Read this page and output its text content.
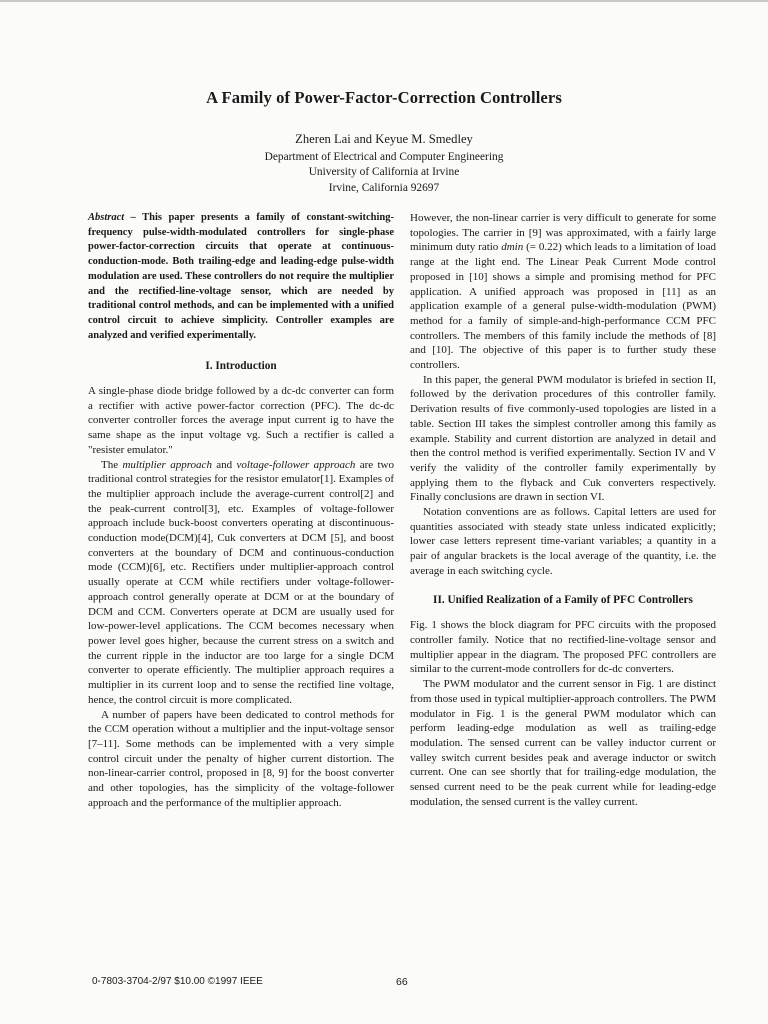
A Family of Power-Factor-Correction Controllers
Zheren Lai and Keyue M. Smedley
Department of Electrical and Computer Engineering
University of California at Irvine
Irvine, California 92697

Abstract – This paper presents a family of constant-switching-frequency pulse-width-modulated controllers for single-phase power-factor-correction circuits that operate at continuous-conduction-mode. Both trailing-edge and leading-edge pulse-width modulation are used. These controllers do not require the multiplier and the rectified-line-voltage sensor, which are needed by traditional control methods, and can be implemented with a unified control circuit to achieve simplicity. Controller examples are analyzed and verified experimentally.

I. Introduction

A single-phase diode bridge followed by a dc-dc converter can form a rectifier with active power-factor correction (PFC). The dc-dc converter controller forces the average input current ig to have the same shape as the input voltage vg. Such a rectifier is called a "resister emulator."

The multiplier approach and voltage-follower approach are two traditional control strategies for the resistor emulator[1]. Examples of the multiplier approach include the average-current control[2] and the peak-current control[3], etc. Examples of voltage-follower approach include buck-boost converters operating at discontinuous-conduction mode(DCM)[4], Cuk converters at DCM [5], and boost converters at the boundary of DCM and continuous-conduction mode (CCM)[6], etc. Rectifiers under multiplier-approach control usually operate at CCM while rectifiers under voltage-follower-approach control generally operate at DCM or at the boundary of DCM and CCM. Converters operate at DCM are usually used for low-power-level applications. The CCM becomes necessary when power level goes higher, because the current stress on a switch and the current ripple in the inductor are too large for a single DCM converter to operate efficiently. The multiplier approach requires a multiplier in its current loop and to sense the rectified line voltage, hence, the control circuit is more complicated.

A number of papers have been dedicated to control methods for the CCM operation without a multiplier and the input-voltage sensor [7–11]. Some methods can be implemented with a very simple control circuit under the penalty of higher current distortion. The non-linear-carrier control, proposed in [8, 9] for the boost converter and other topologies, has the simplicity of the voltage-follower approach and the performance of the multiplier approach.

However, the non-linear carrier is very difficult to generate for some topologies. The carrier in [9] was approximated, with a fairly large minimum duty ratio dmin (= 0.22) which leads to a limitation of load range at the light end. The Linear Peak Current Mode control proposed in [10] shows a simple and promising method for PFC application. A unified approach was proposed in [11] as an application example of a general pulse-width-modulation (PWM) method for a family of simple-and-high-performance CCM PFC controllers. The members of this family include the methods of [8] and [10]. The objective of this paper is to further study these controllers.

In this paper, the general PWM modulator is briefed in section II, followed by the derivation procedures of this controller family. Derivation results of five commonly-used topologies are listed in a table. Section III takes the simplest controller among this family as example. Stability and current distortion are analyzed in detail and then the control method is verified experimentally. Section IV and V verify the validity of the controller family experimentally by applying them to the flyback and Cuk converters respectively. Finally conclusions are drawn in section VI.

Notation conventions are as follows. Capital letters are used for quantities associated with steady state unless indicated explicitly; lower case letters represent time-variant variables; a quantity in a pair of angular brackets is the local average of the quantity, i.e. the average in each switching cycle.

II. Unified Realization of a Family of PFC Controllers

Fig. 1 shows the block diagram for PFC circuits with the proposed controller family. Notice that no rectified-line-voltage sensor and multiplier appear in the diagram. The proposed PFC controllers are similar to the current-mode controllers for dc-dc converters.

The PWM modulator and the current sensor in Fig. 1 are distinct from those used in typical multiplier-approach controllers. The PWM modulator in Fig. 1 is the general PWM modulator which can perform leading-edge modulation as well as trailing-edge modulation. The sensed current can be valley inductor current or valley switch current besides peak and average inductor or switch current. One can see shortly that for trailing-edge modulation, the sensed current need to be the peak current while for leading-edge modulation, the sensed current is the valley current.

0-7803-3704-2/97 $10.00 ©1997 IEEE	66
